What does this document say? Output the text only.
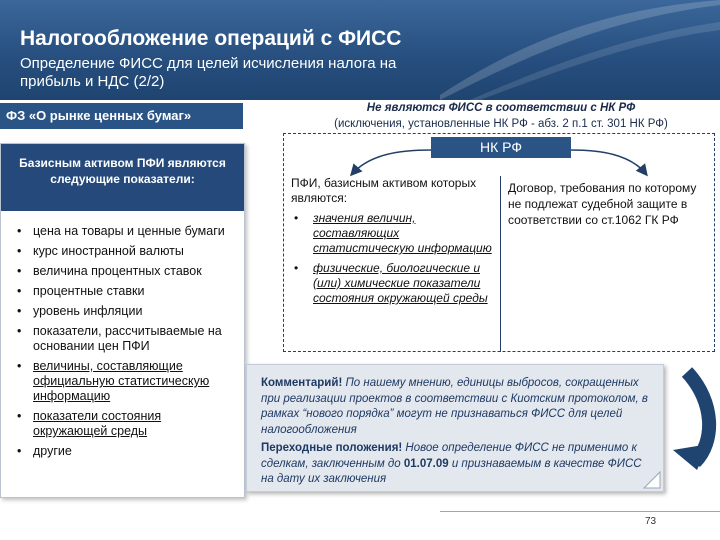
Налогообложение операций с ФИСС
Определение ФИСС для целей исчисления налога на прибыль и НДС (2/2)
ФЗ «О рынке ценных бумаг»
Базисным активом ПФИ являются следующие показатели:
• цена на товары и ценные бумаги
• курс иностранной валюты
• величина процентных ставок
• процентные ставки
• уровень инфляции
• показатели, рассчитываемые на основании цен ПФИ
• величины, составляющие официальную статистическую информацию
• показатели состояния окружающей среды
• другие
Не являются ФИСС в соответствии с НК РФ
(исключения, установленные НК РФ - абз. 2 п.1 ст. 301 НК РФ)
НК РФ
ПФИ, базисным активом которых являются:
• значения величин, составляющих статистическую информацию
• физические, биологические и (или) химические показатели состояния окружающей среды
Договор, требования по которому не подлежат судебной защите в соответствии со ст.1062 ГК РФ
Комментарий! По нашему мнению, единицы выбросов, сокращенных при реализации проектов в соответствии с Киотским протоколом, в рамках “нового порядка” могут не признаваться ФИСС для целей налогообложения
Переходные положения! Новое определение ФИСС не применимо к сделкам, заключенным до 01.07.09 и признаваемым в качестве ФИСС на дату их заключения
73
